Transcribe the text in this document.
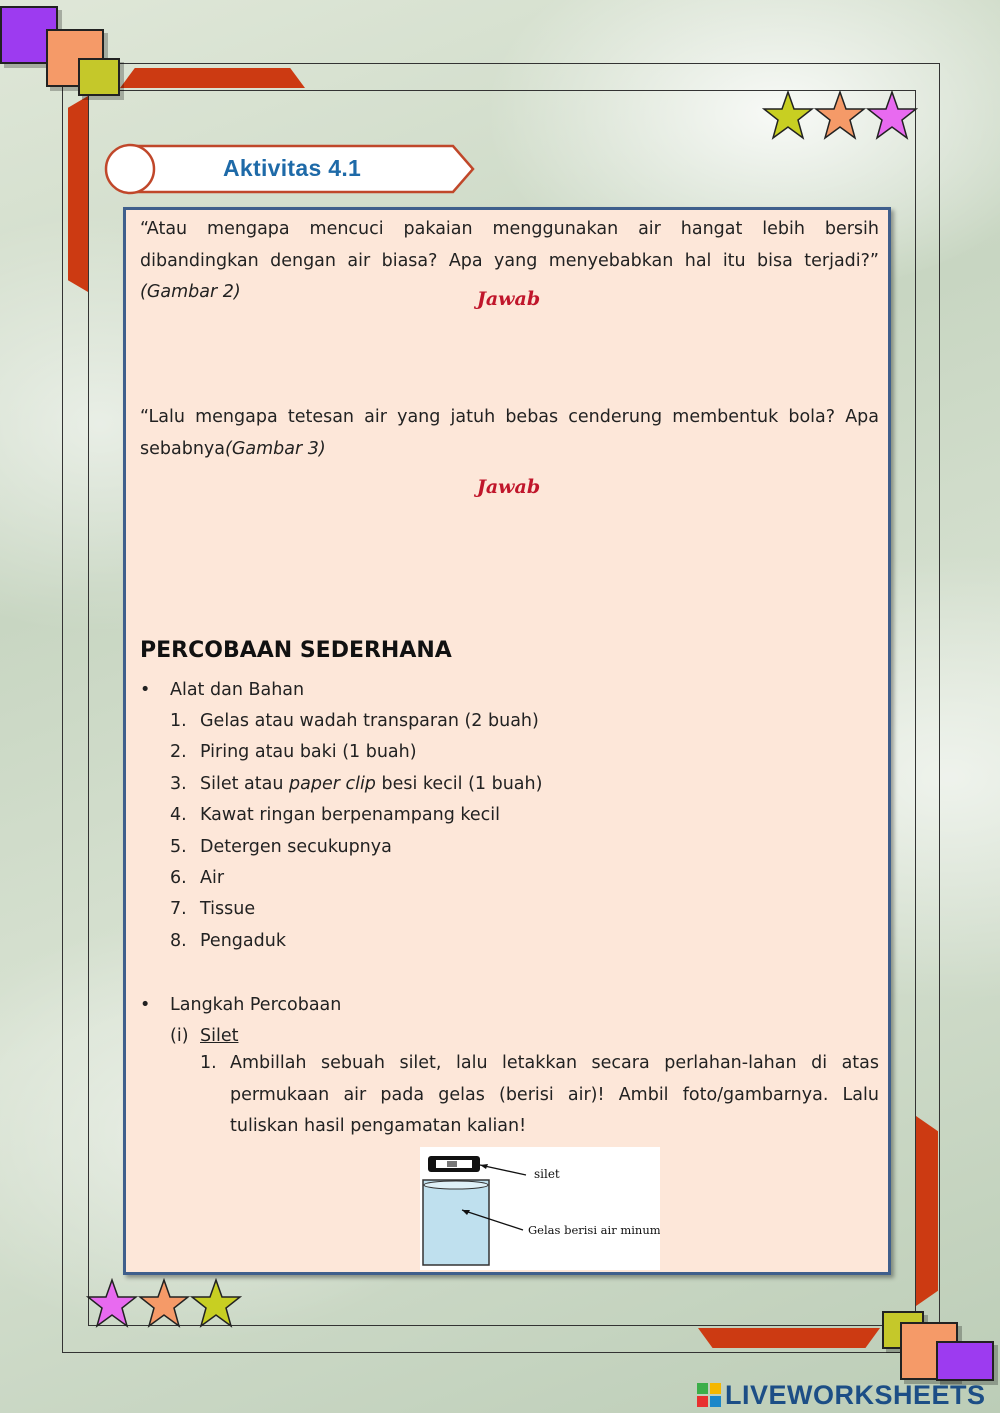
Aktivitas 4.1
“Atau mengapa mencuci pakaian menggunakan air hangat lebih bersih dibandingkan dengan air biasa? Apa yang menyebabkan hal itu bisa terjadi?” (Gambar 2)	Jawab
“Lalu mengapa tetesan air yang jatuh bebas cenderung membentuk bola? Apa sebabnya(Gambar 3)
Jawab
PERCOBAAN SEDERHANA
• Alat dan Bahan
1. Gelas atau wadah transparan (2 buah)
2. Piring atau baki (1 buah)
3. Silet atau paper clip besi kecil (1 buah)
4. Kawat ringan berpenampang kecil
5. Detergen secukupnya
6. Air
7. Tissue
8. Pengaduk
• Langkah Percobaan
(i) Silet
1. Ambillah sebuah silet, lalu letakkan secara perlahan-lahan di atas permukaan air pada gelas (berisi air)! Ambil foto/gambarnya. Lalu tuliskan hasil pengamatan kalian!
silet
Gelas berisi air minum
LIVEWORKSHEETS
